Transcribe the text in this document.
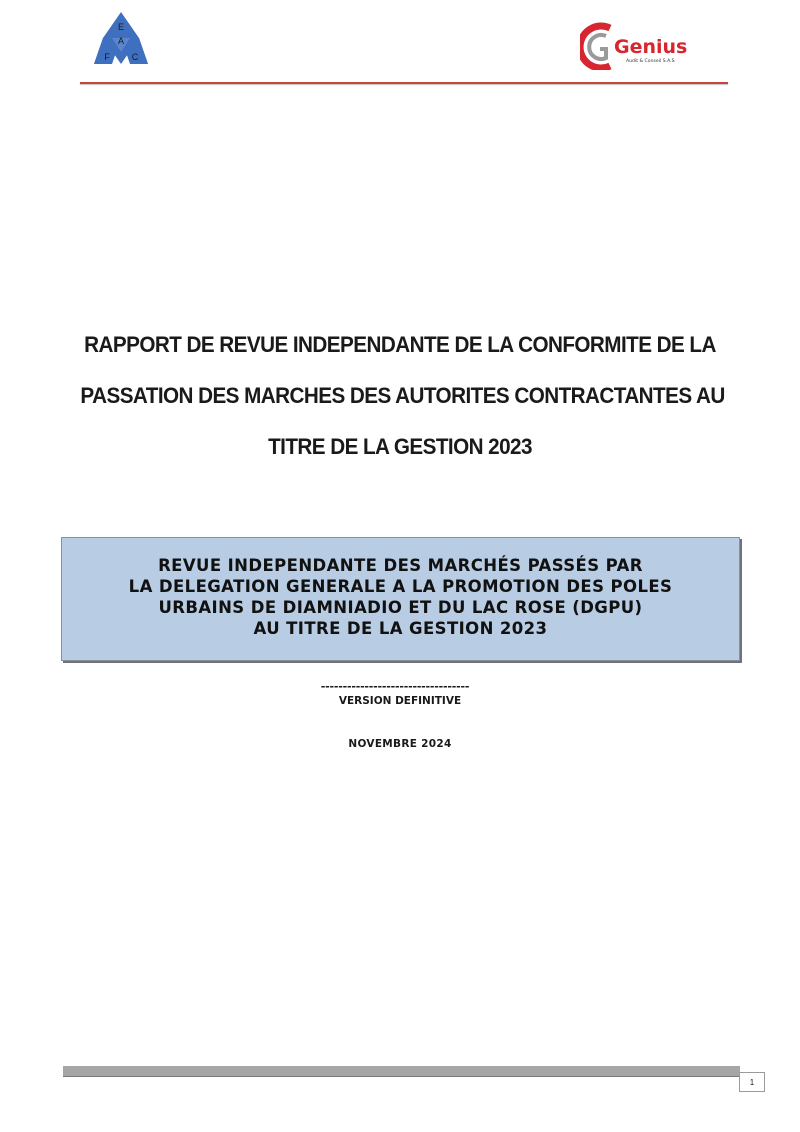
E
A
F C	Genius
Audit & Conseil S.A.S
RAPPORT DE REVUE INDEPENDANTE DE LA CONFORMITE DE LA
PASSATION DES MARCHES DES AUTORITES CONTRACTANTES AU
TITRE DE LA GESTION 2023
REVUE INDEPENDANTE DES MARCHÉS PASSÉS PAR
LA DELEGATION GENERALE A LA PROMOTION DES POLES
URBAINS DE DIAMNIADIO ET DU LAC ROSE (DGPU)
AU TITRE DE LA GESTION 2023
----------------------------------
VERSION DEFINITIVE
NOVEMBRE 2024
1
